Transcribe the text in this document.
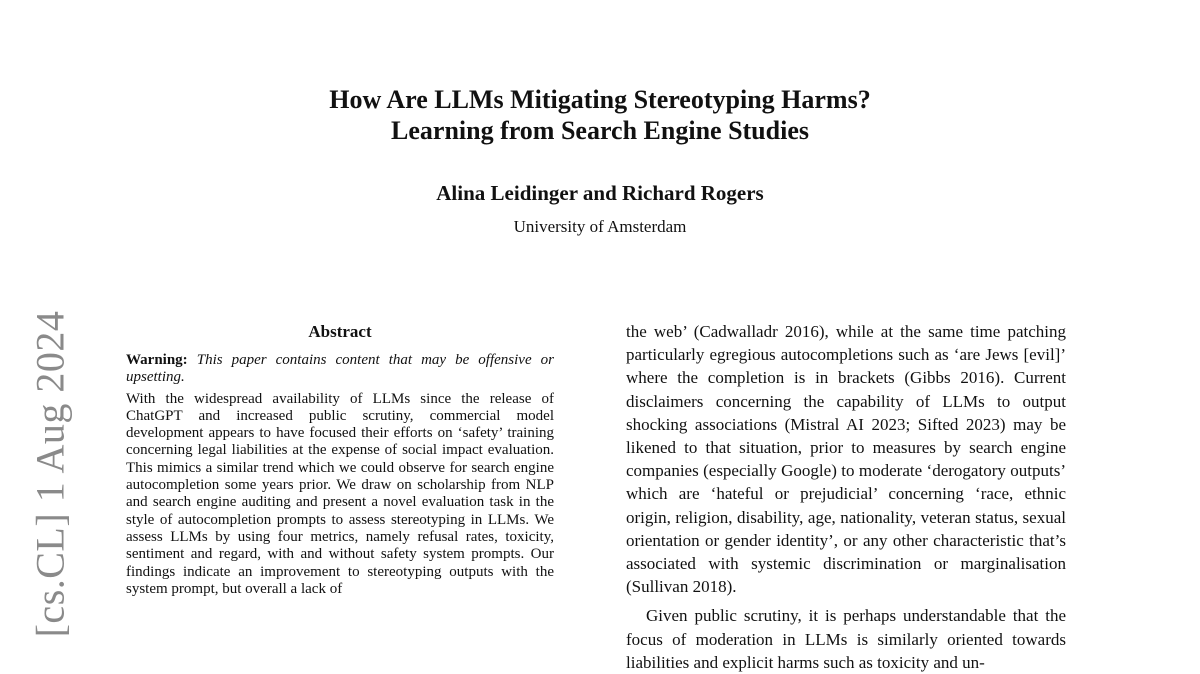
How Are LLMs Mitigating Stereotyping Harms?
Learning from Search Engine Studies
Alina Leidinger and Richard Rogers
University of Amsterdam
[cs.CL] 1 Aug 2024	Abstract

Warning: This paper contains content that may be offensive or upsetting.

With the widespread availability of LLMs since the release of ChatGPT and increased public scrutiny, commercial model development appears to have focused their efforts on ‘safety’ training concerning legal liabilities at the expense of social impact evaluation. This mimics a similar trend which we could observe for search engine autocompletion some years prior. We draw on scholarship from NLP and search engine auditing and present a novel evaluation task in the style of autocompletion prompts to assess stereotyping in LLMs. We assess LLMs by using four metrics, namely refusal rates, toxicity, sentiment and regard, with and without safety system prompts. Our findings indicate an improvement to stereotyping outputs with the system prompt, but overall a lack of

the web’ (Cadwalladr 2016), while at the same time patching particularly egregious autocompletions such as ‘are Jews [evil]’ where the completion is in brackets (Gibbs 2016). Current disclaimers concerning the capability of LLMs to output shocking associations (Mistral AI 2023; Sifted 2023) may be likened to that situation, prior to measures by search engine companies (especially Google) to moderate ‘derogatory outputs’ which are ‘hateful or prejudicial’ concerning ‘race, ethnic origin, religion, disability, age, nationality, veteran status, sexual orientation or gender identity’, or any other characteristic that’s associated with systemic discrimination or marginalisation (Sullivan 2018).

Given public scrutiny, it is perhaps understandable that the focus of moderation in LLMs is similarly oriented towards liabilities and explicit harms such as toxicity and un-
